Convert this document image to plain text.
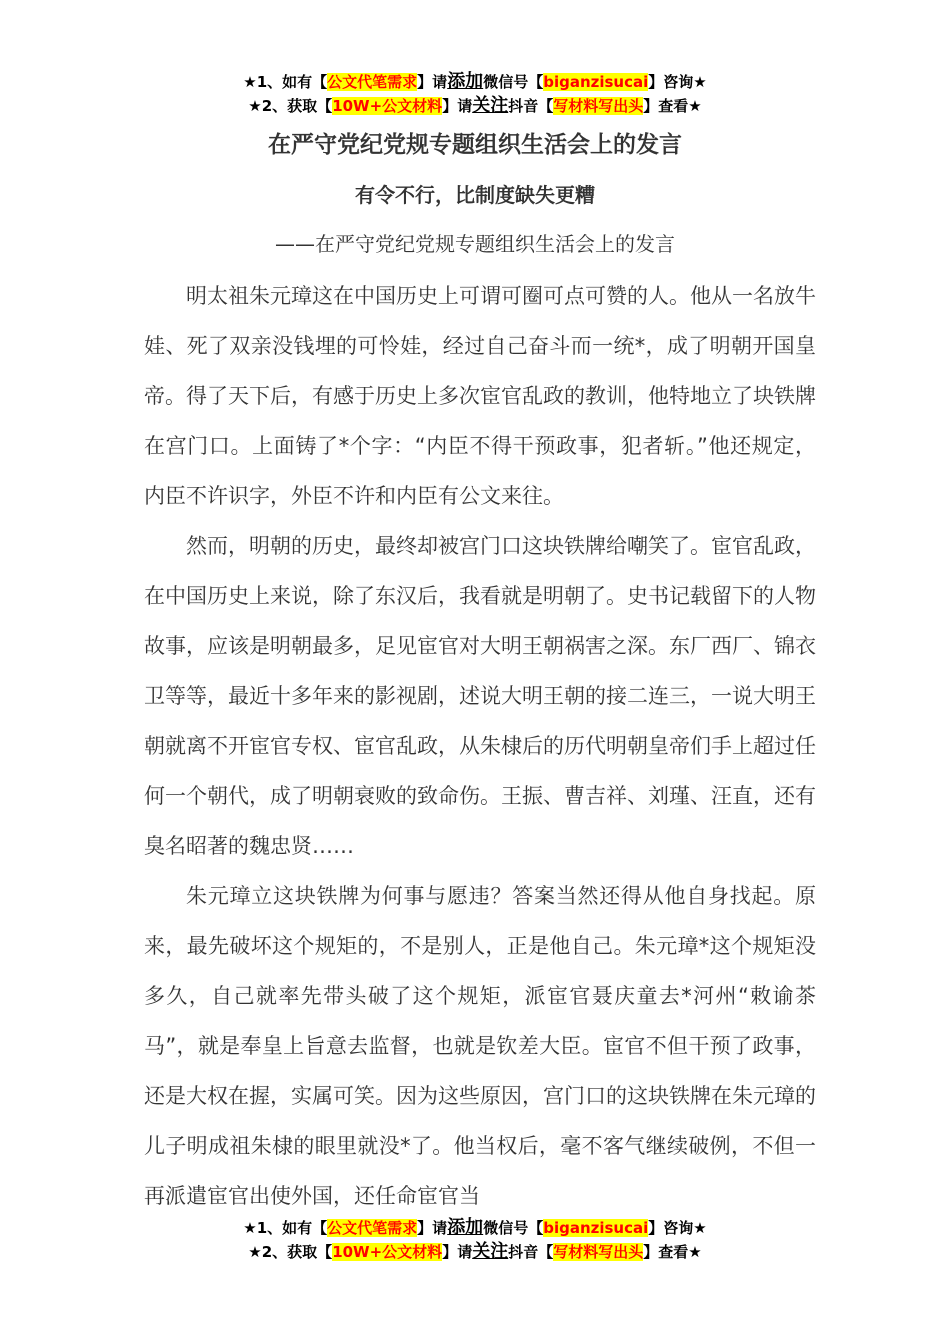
★1、如有【公文代笔需求】请添加微信号【biganzisucai】咨询★
★2、获取【10W+公文材料】请关注抖音【写材料写出头】查看★
在严守党纪党规专题组织生活会上的发言
有令不行，比制度缺失更糟
——在严守党纪党规专题组织生活会上的发言

明太祖朱元璋这在中国历史上可谓可圈可点可赞的人。他从一名放牛娃、死了双亲没钱埋的可怜娃，经过自己奋斗而一统*，成了明朝开国皇帝。得了天下后，有感于历史上多次宦官乱政的教训，他特地立了块铁牌在宫门口。上面铸了*个字：“内臣不得干预政事，犯者斩。”他还规定，内臣不许识字，外臣不许和内臣有公文来往。

然而，明朝的历史，最终却被宫门口这块铁牌给嘲笑了。宦官乱政，在中国历史上来说，除了东汉后，我看就是明朝了。史书记载留下的人物故事，应该是明朝最多，足见宦官对大明王朝祸害之深。东厂西厂、锦衣卫等等，最近十多年来的影视剧，述说大明王朝的接二连三，一说大明王朝就离不开宦官专权、宦官乱政，从朱棣后的历代明朝皇帝们手上超过任何一个朝代，成了明朝衰败的致命伤。王振、曹吉祥、刘瑾、汪直，还有臭名昭著的魏忠贤……

朱元璋立这块铁牌为何事与愿违？答案当然还得从他自身找起。原来，最先破坏这个规矩的，不是别人，正是他自己。朱元璋*这个规矩没多久，自己就率先带头破了这个规矩，派宦官聂庆童去*河州“敕谕茶马”，就是奉皇上旨意去监督，也就是钦差大臣。宦官不但干预了政事，还是大权在握，实属可笑。因为这些原因，宫门口的这块铁牌在朱元璋的儿子明成祖朱棣的眼里就没*了。他当权后，毫不客气继续破例，不但一再派遣宦官出使外国，还任命宦官当

★1、如有【公文代笔需求】请添加微信号【biganzisucai】咨询★
★2、获取【10W+公文材料】请关注抖音【写材料写出头】查看★
